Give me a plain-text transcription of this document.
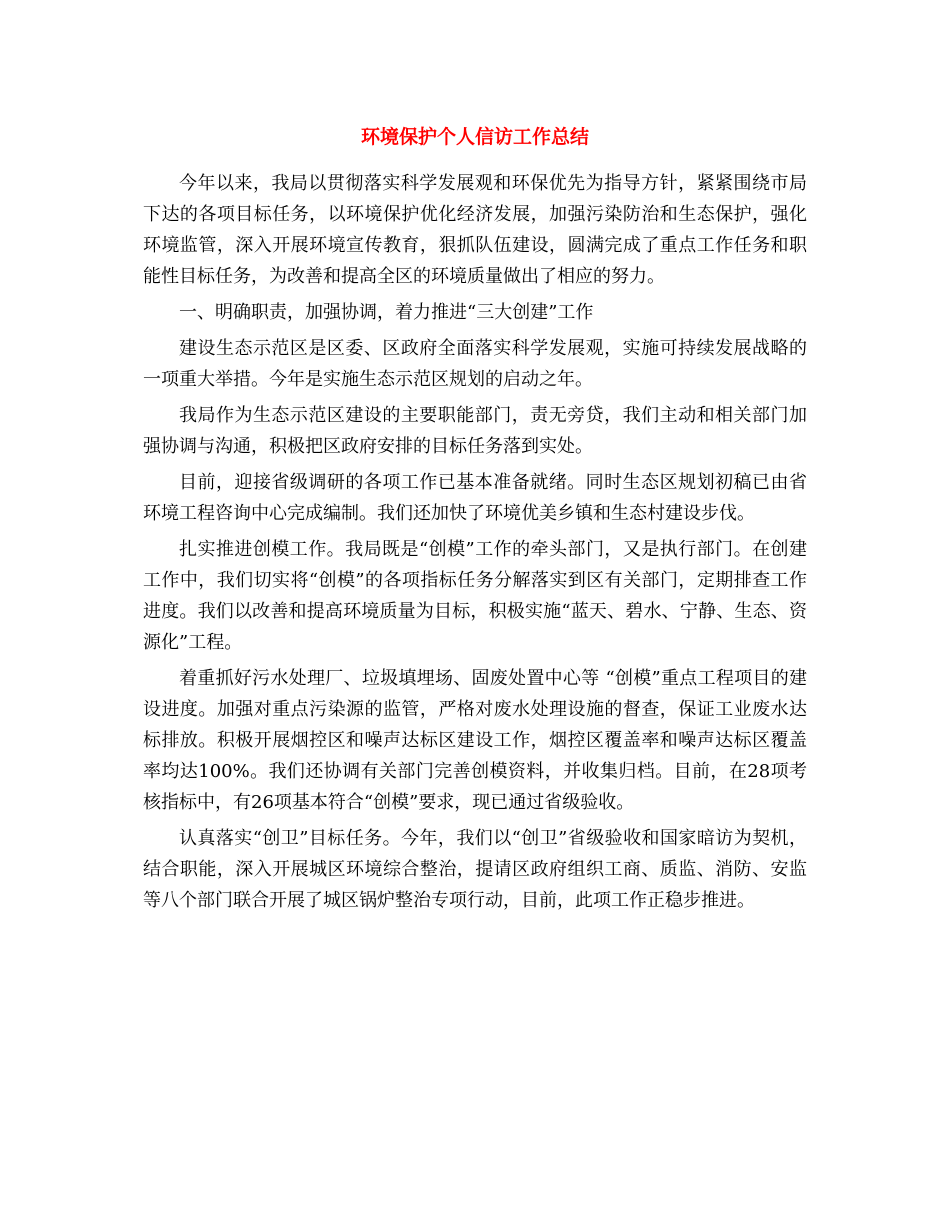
环境保护个人信访工作总结

今年以来，我局以贯彻落实科学发展观和环保优先为指导方针，紧紧围绕市局下达的各项目标任务，以环境保护优化经济发展，加强污染防治和生态保护，强化环境监管，深入开展环境宣传教育，狠抓队伍建设，圆满完成了重点工作任务和职能性目标任务，为改善和提高全区的环境质量做出了相应的努力。

一、明确职责，加强协调，着力推进“三大创建”工作

建设生态示范区是区委、区政府全面落实科学发展观，实施可持续发展战略的一项重大举措。今年是实施生态示范区规划的启动之年。

我局作为生态示范区建设的主要职能部门，责无旁贷，我们主动和相关部门加强协调与沟通，积极把区政府安排的目标任务落到实处。

目前，迎接省级调研的各项工作已基本准备就绪。同时生态区规划初稿已由省环境工程咨询中心完成编制。我们还加快了环境优美乡镇和生态村建设步伐。

扎实推进创模工作。我局既是“创模”工作的牵头部门，又是执行部门。在创建工作中，我们切实将“创模”的各项指标任务分解落实到区有关部门，定期排查工作进度。我们以改善和提高环境质量为目标，积极实施“蓝天、碧水、宁静、生态、资源化”工程。

着重抓好污水处理厂、垃圾填埋场、固废处置中心等 “创模”重点工程项目的建设进度。加强对重点污染源的监管，严格对废水处理设施的督查，保证工业废水达标排放。积极开展烟控区和噪声达标区建设工作，烟控区覆盖率和噪声达标区覆盖率均达100%。我们还协调有关部门完善创模资料，并收集归档。目前，在28项考核指标中，有26项基本符合“创模”要求，现已通过省级验收。

认真落实“创卫”目标任务。今年，我们以“创卫”省级验收和国家暗访为契机，结合职能，深入开展城区环境综合整治，提请区政府组织工商、质监、消防、安监等八个部门联合开展了城区锅炉整治专项行动，目前，此项工作正稳步推进。
